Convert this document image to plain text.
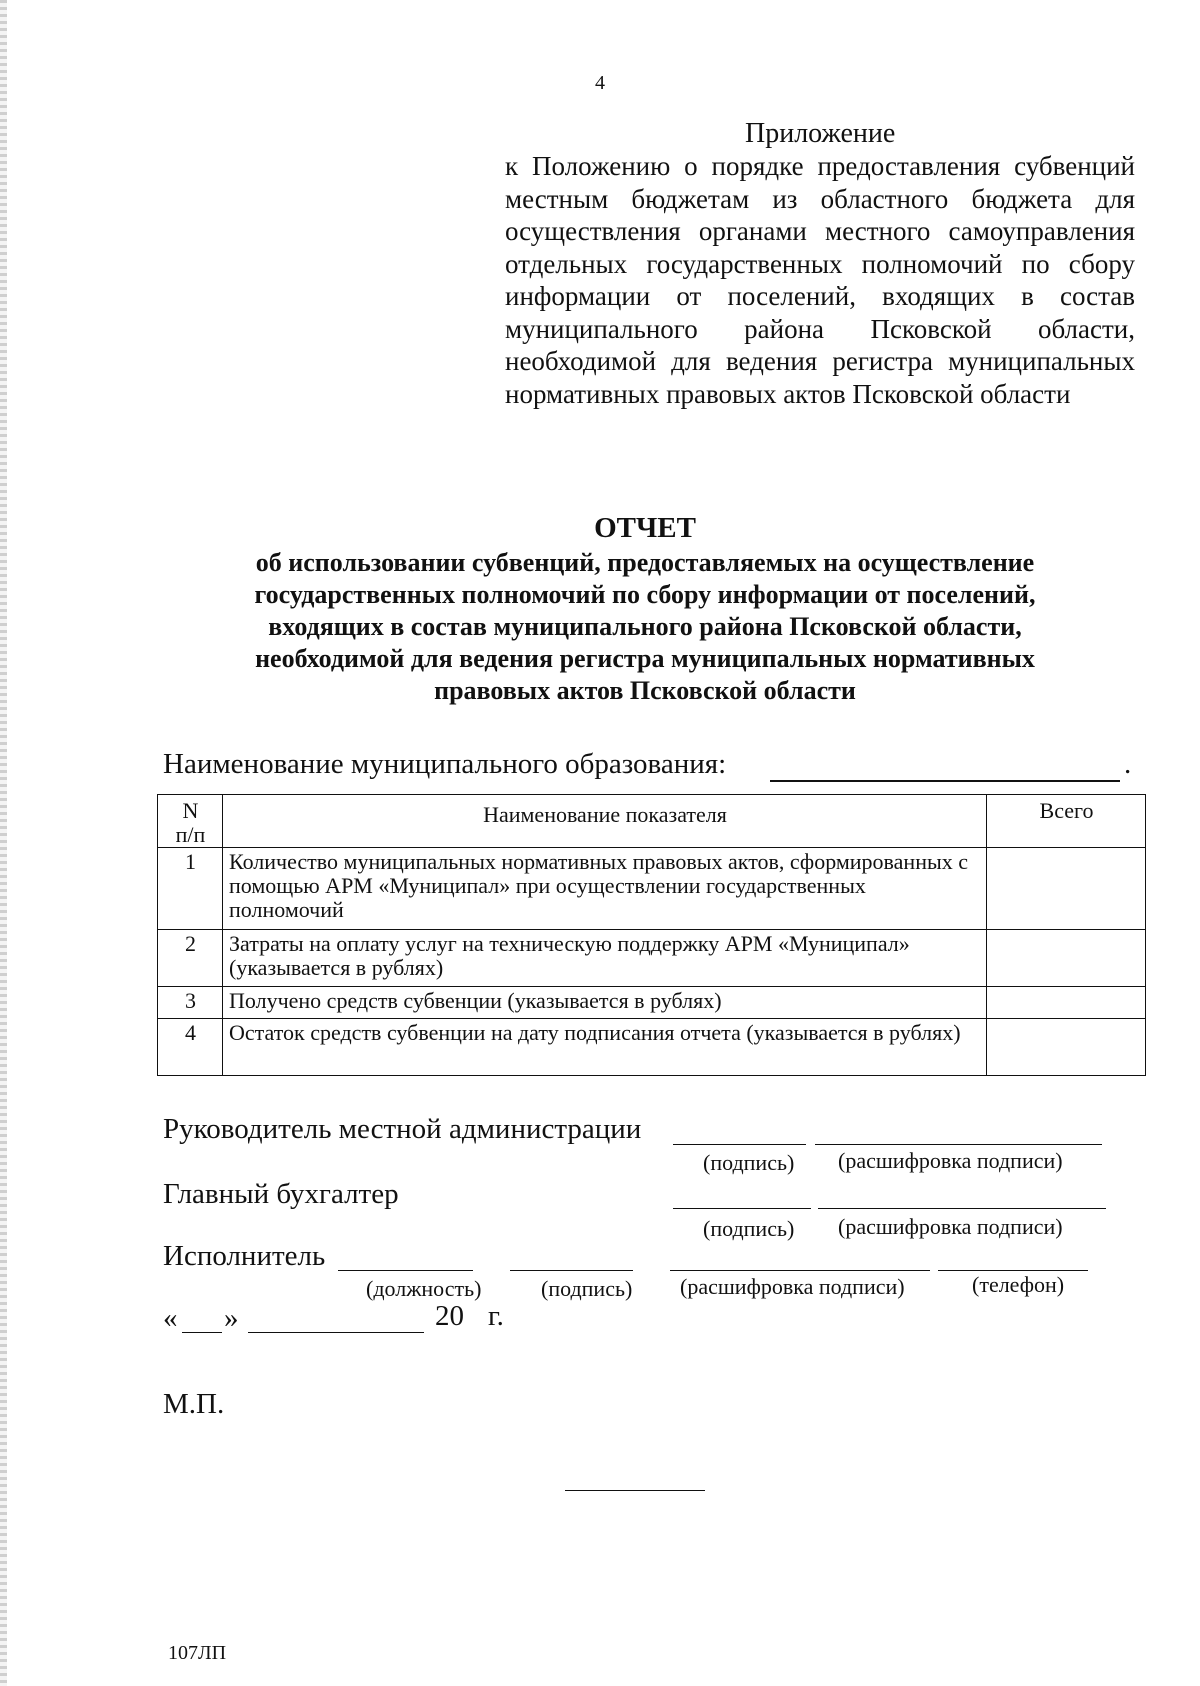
4
Приложение
к Положению о порядке предоставления субвенций местным бюджетам из областного бюджета для осуществления органами местного самоуправления отдельных государственных полномочий по сбору информации от поселений, входящих в состав муниципального района Псковской области, необходимой для ведения регистра муниципальных нормативных правовых актов Псковской области
ОТЧЕТ
об использовании субвенций, предоставляемых на осуществление
государственных полномочий по сбору информации от поселений,
входящих в состав муниципального района Псковской области,
необходимой для ведения регистра муниципальных нормативных
правовых актов Псковской области
Наименование муниципального образования:	.
N
п/п	Наименование показателя	Всего
1	Количество муниципальных нормативных правовых актов, сформированных с помощью АРМ «Муниципал» при осуществлении государственных полномочий	
2	Затраты на оплату услуг на техническую поддержку АРМ «Муниципал» (указывается в рублях)	
3	Получено средств субвенции (указывается в рублях)	
4	Остаток средств субвенции на дату подписания отчета (указывается в рублях)	
Руководитель местной администрации
(подпись) (расшифровка подписи)
Главный бухгалтер
(подпись) (расшифровка подписи)
Исполнитель
(должность)	(подпись) (расшифровка подписи)	(телефон)
« »	20 г.
М.П.
107ЛП
